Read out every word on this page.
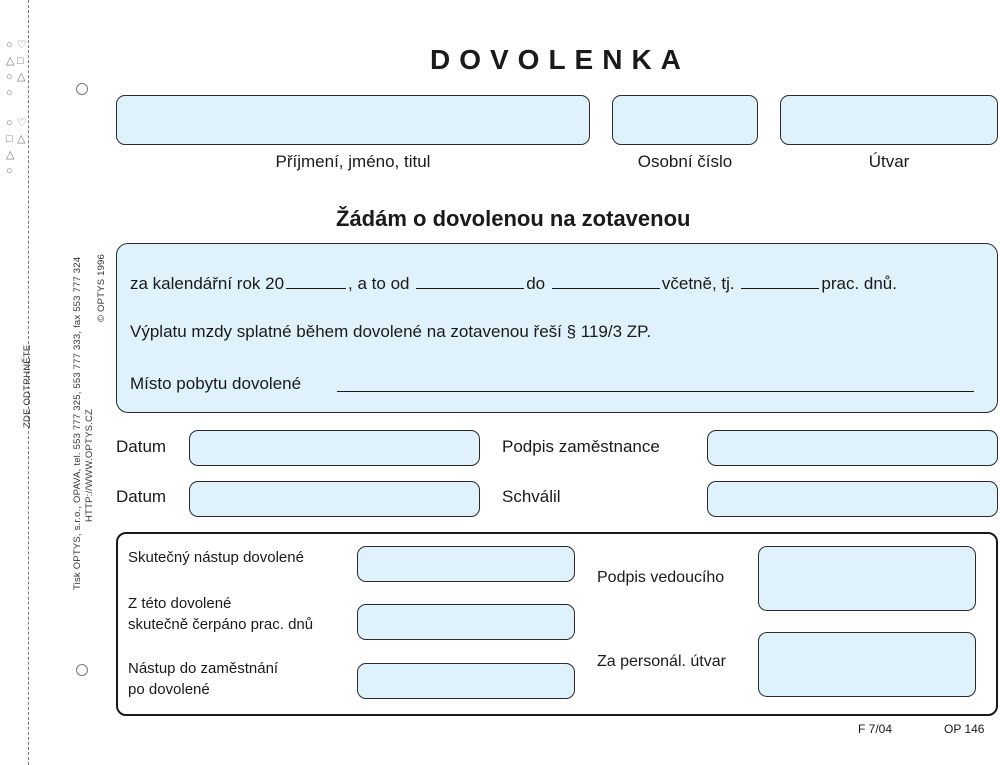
○ ♡
△ □
○ △
○
○ ♡
□ △
△
○
ZDE ODTRHNĚTE	Tisk OPTYS, s.r.o., OPAVA, tel. 553 777 325, 553 777 333, fax 553 777 324 HTTP://WWW.OPTYS.CZ
© OPTYS 1996
DOVOLENKA
Příjmení, jméno, titul	Osobní číslo	Útvar
Žádám o dovolenou na zotavenou
za kalendářní rok 20	, a to od	do	včetně, tj.	prac. dnů.
Výplatu mzdy splatné během dovolené na zotavenou řeší § 119/3 ZP.
Místo pobytu dovolené
Datum	Podpis zaměstnance
Datum	Schválil
Skutečný nástup dovolené
Z této dovolené
skutečně čerpáno prac. dnů
Nástup do zaměstnání
po dovolené
Podpis vedoucího
Za personál. útvar
F 7/04	OP 146
